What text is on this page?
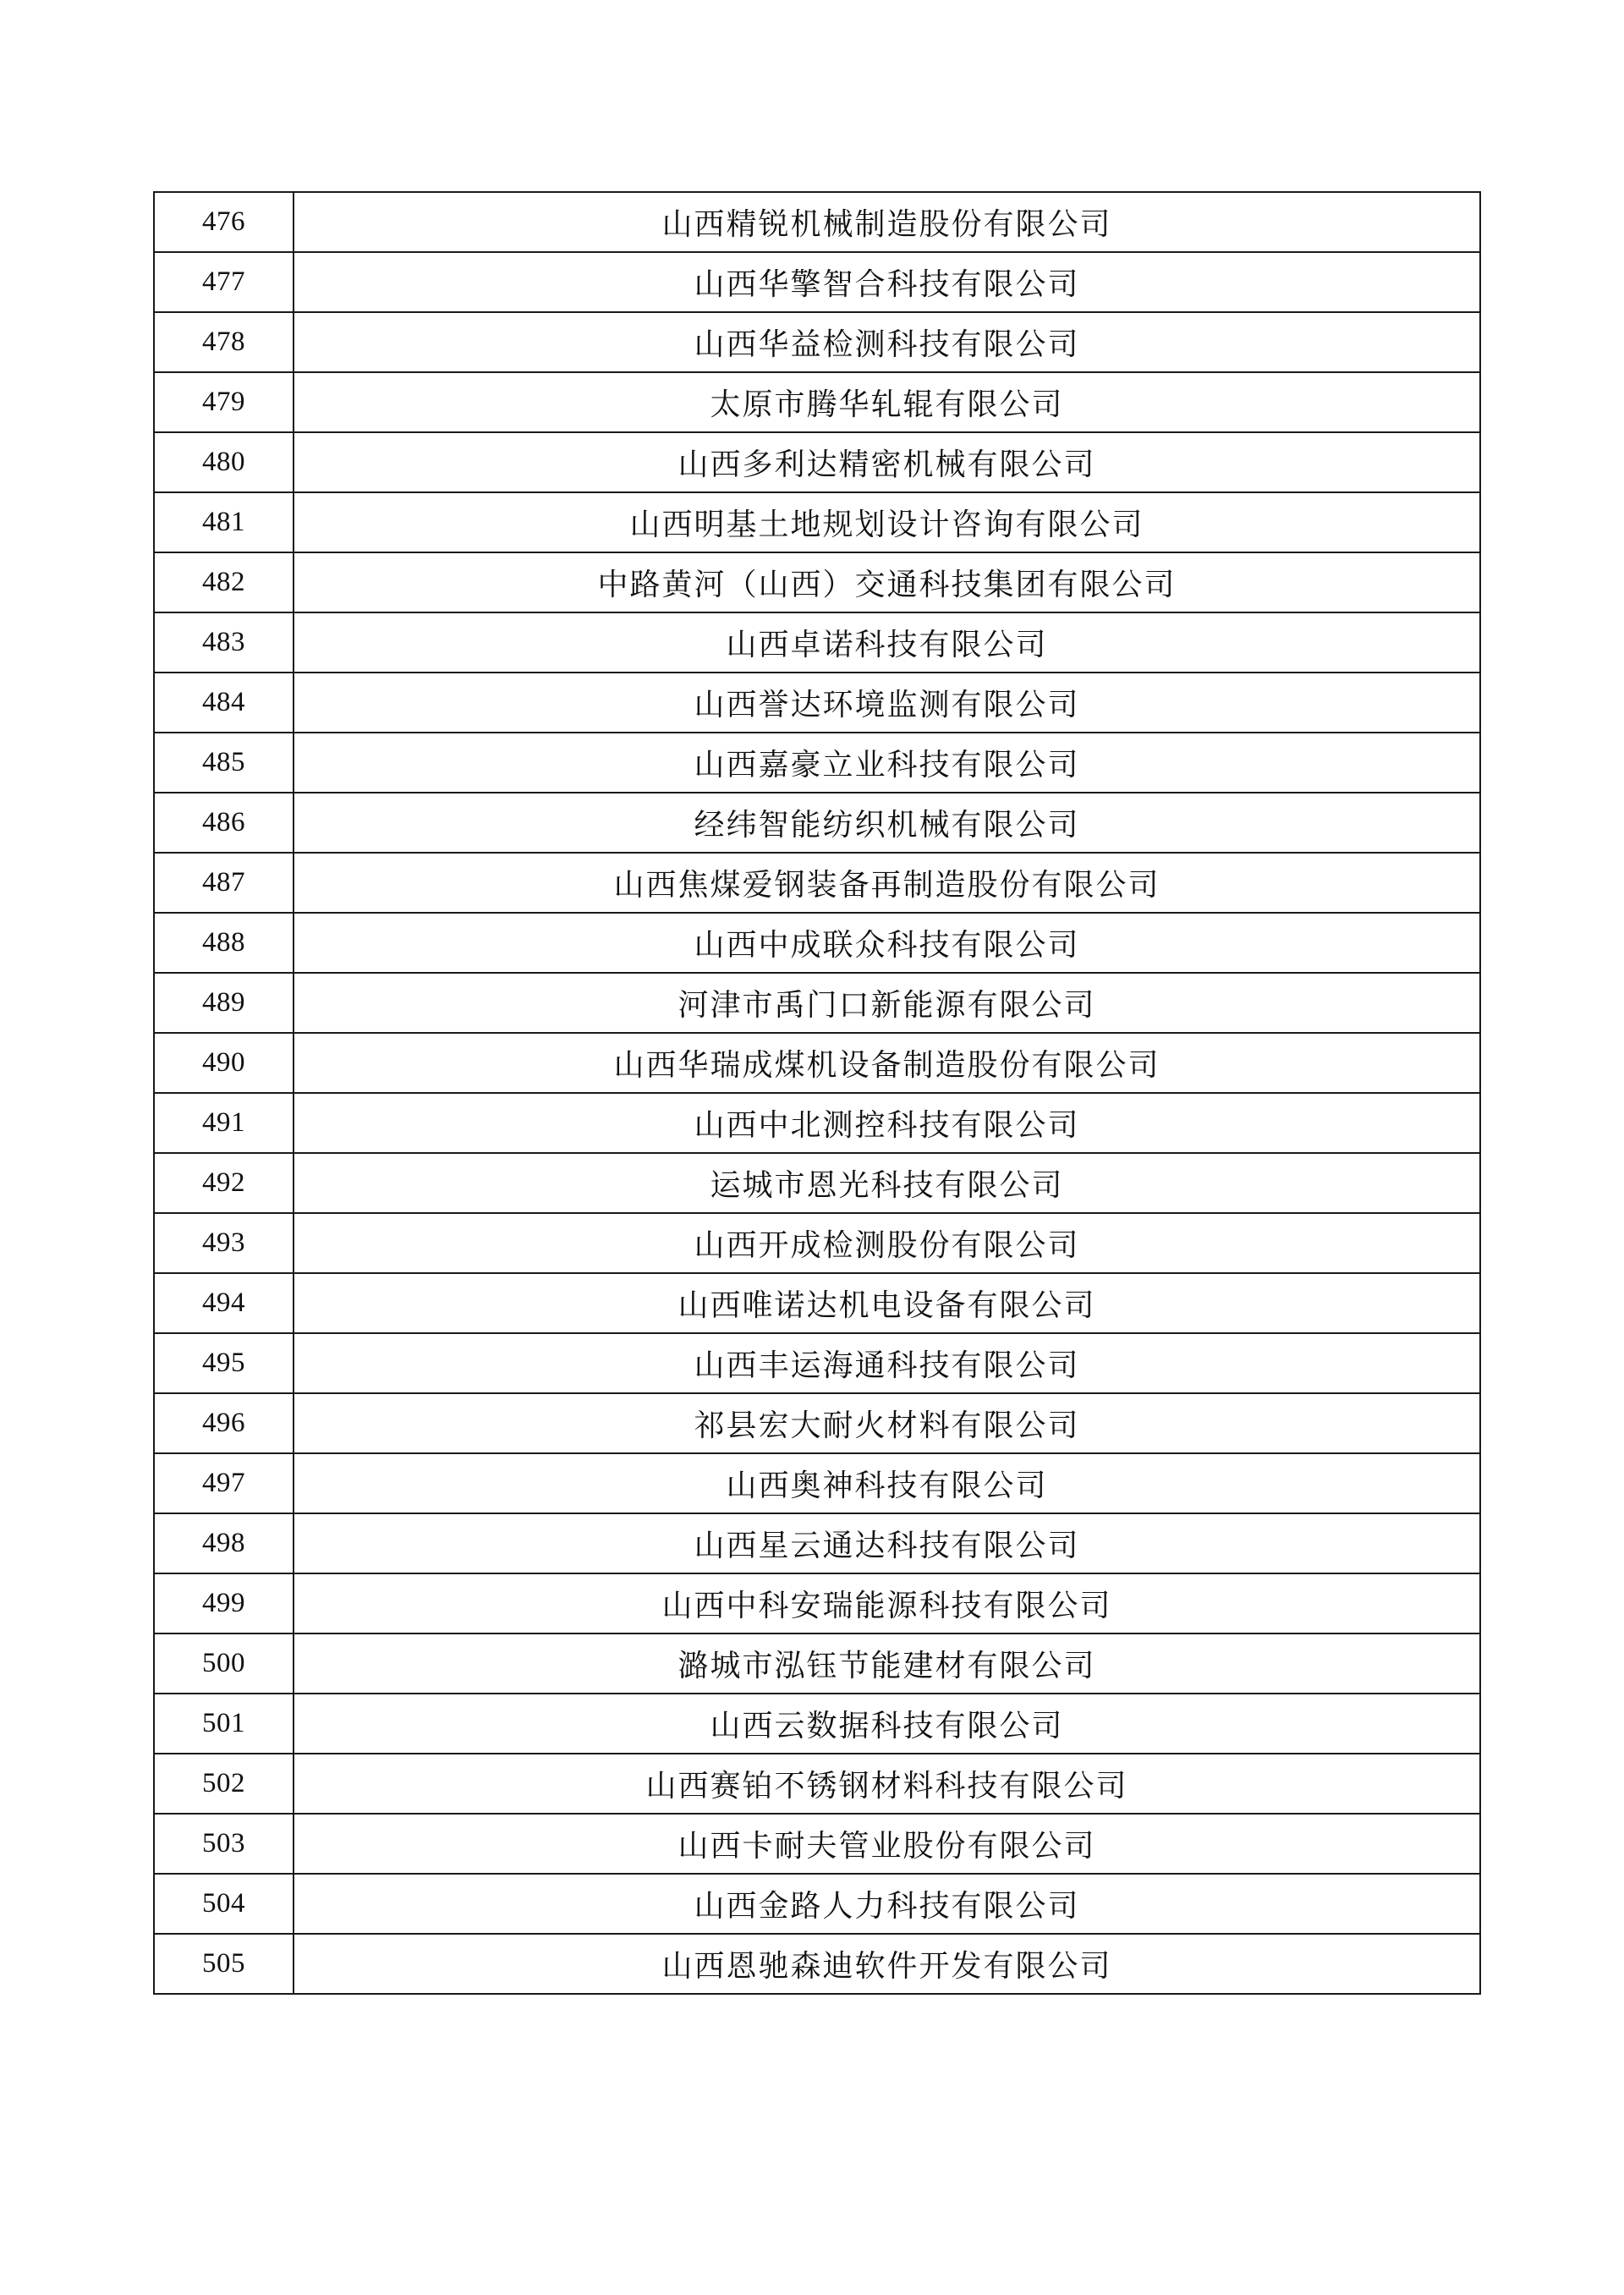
476	山西精锐机械制造股份有限公司
477	山西华擎智合科技有限公司
478	山西华益检测科技有限公司
479	太原市腾华轧辊有限公司
480	山西多利达精密机械有限公司
481	山西明基土地规划设计咨询有限公司
482	中路黄河（山西）交通科技集团有限公司
483	山西卓诺科技有限公司
484	山西誉达环境监测有限公司
485	山西嘉豪立业科技有限公司
486	经纬智能纺织机械有限公司
487	山西焦煤爱钢装备再制造股份有限公司
488	山西中成联众科技有限公司
489	河津市禹门口新能源有限公司
490	山西华瑞成煤机设备制造股份有限公司
491	山西中北测控科技有限公司
492	运城市恩光科技有限公司
493	山西开成检测股份有限公司
494	山西唯诺达机电设备有限公司
495	山西丰运海通科技有限公司
496	祁县宏大耐火材料有限公司
497	山西奥神科技有限公司
498	山西星云通达科技有限公司
499	山西中科安瑞能源科技有限公司
500	潞城市泓钰节能建材有限公司
501	山西云数据科技有限公司
502	山西赛铂不锈钢材料科技有限公司
503	山西卡耐夫管业股份有限公司
504	山西金路人力科技有限公司
505	山西恩驰森迪软件开发有限公司
